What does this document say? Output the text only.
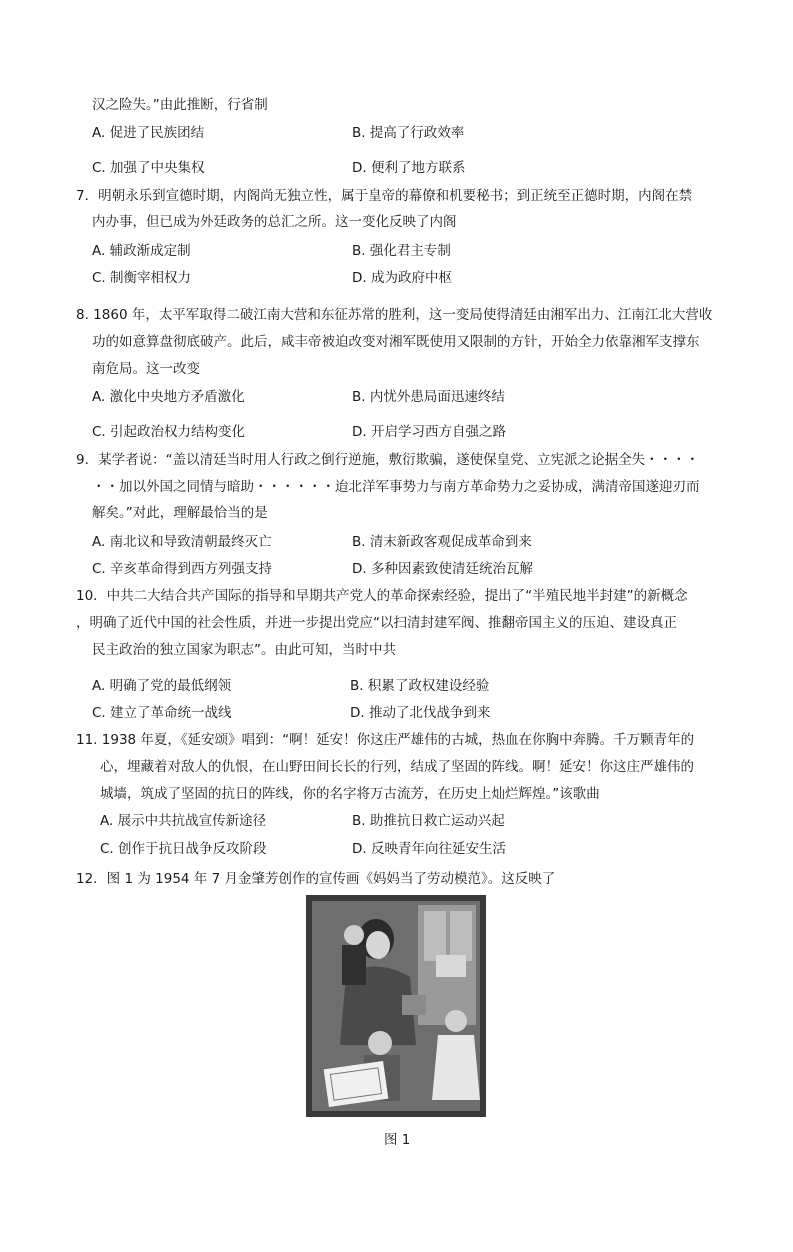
汉之险失。”由此推断，行省制
A. 促进了民族团结	B. 提高了行政效率
C. 加强了中央集权	D. 便利了地方联系
7．明朝永乐到宣德时期，内阁尚无独立性，属于皇帝的幕僚和机要秘书；到正统至正德时期，内阁在禁
内办事，但已成为外廷政务的总汇之所。这一变化反映了内阁
A. 辅政渐成定制	B. 强化君主专制
C. 制衡宰相权力	D. 成为政府中枢
8. 1860 年，太平军取得二破江南大营和东征苏常的胜利，这一变局使得清廷由湘军出力、江南江北大营收
功的如意算盘彻底破产。此后，咸丰帝被迫改变对湘军既使用又限制的方针，开始全力依靠湘军支撑东
南危局。这一改变
A. 激化中央地方矛盾激化	B. 内忧外患局面迅速终结
C. 引起政治权力结构变化	D. 开启学习西方自强之路
9．某学者说：“盖以清廷当时用人行政之倒行逆施，敷衍欺骗，遂使保皇党、立宪派之论据全失・・・・
・・加以外国之同情与暗助・・・・・・迨北洋军事势力与南方革命势力之妥协成，满清帝国遂迎刃而
解矣。”对此，理解最恰当的是
A. 南北议和导致清朝最终灭亡	B. 清末新政客观促成革命到来
C. 辛亥革命得到西方列强支持	D. 多种因素致使清廷统治瓦解
10．中共二大结合共产国际的指导和早期共产党人的革命探索经验，提出了“半殖民地半封建”的新概念
，明确了近代中国的社会性质，并进一步提出党应“以扫清封建军阀、推翻帝国主义的压迫、建设真正
民主政治的独立国家为职志”。由此可知，当时中共
A. 明确了党的最低纲领	B. 积累了政权建设经验
C. 建立了革命统一战线	D. 推动了北伐战争到来
11. 1938 年夏，《延安颂》唱到：“啊！延安！你这庄严雄伟的古城，热血在你胸中奔腾。千万颗青年的
心，埋藏着对敌人的仇恨，在山野田间长长的行列，结成了坚固的阵线。啊！延安！你这庄严雄伟的
城墙，筑成了坚固的抗日的阵线，你的名字将万古流芳，在历史上灿烂辉煌。”该歌曲
A. 展示中共抗战宣传新途径	B. 助推抗日救亡运动兴起
C. 创作于抗日战争反攻阶段	D. 反映青年向往延安生活
12．图 1 为 1954 年 7 月金肇芳创作的宣传画《妈妈当了劳动模范》。这反映了
图 1
